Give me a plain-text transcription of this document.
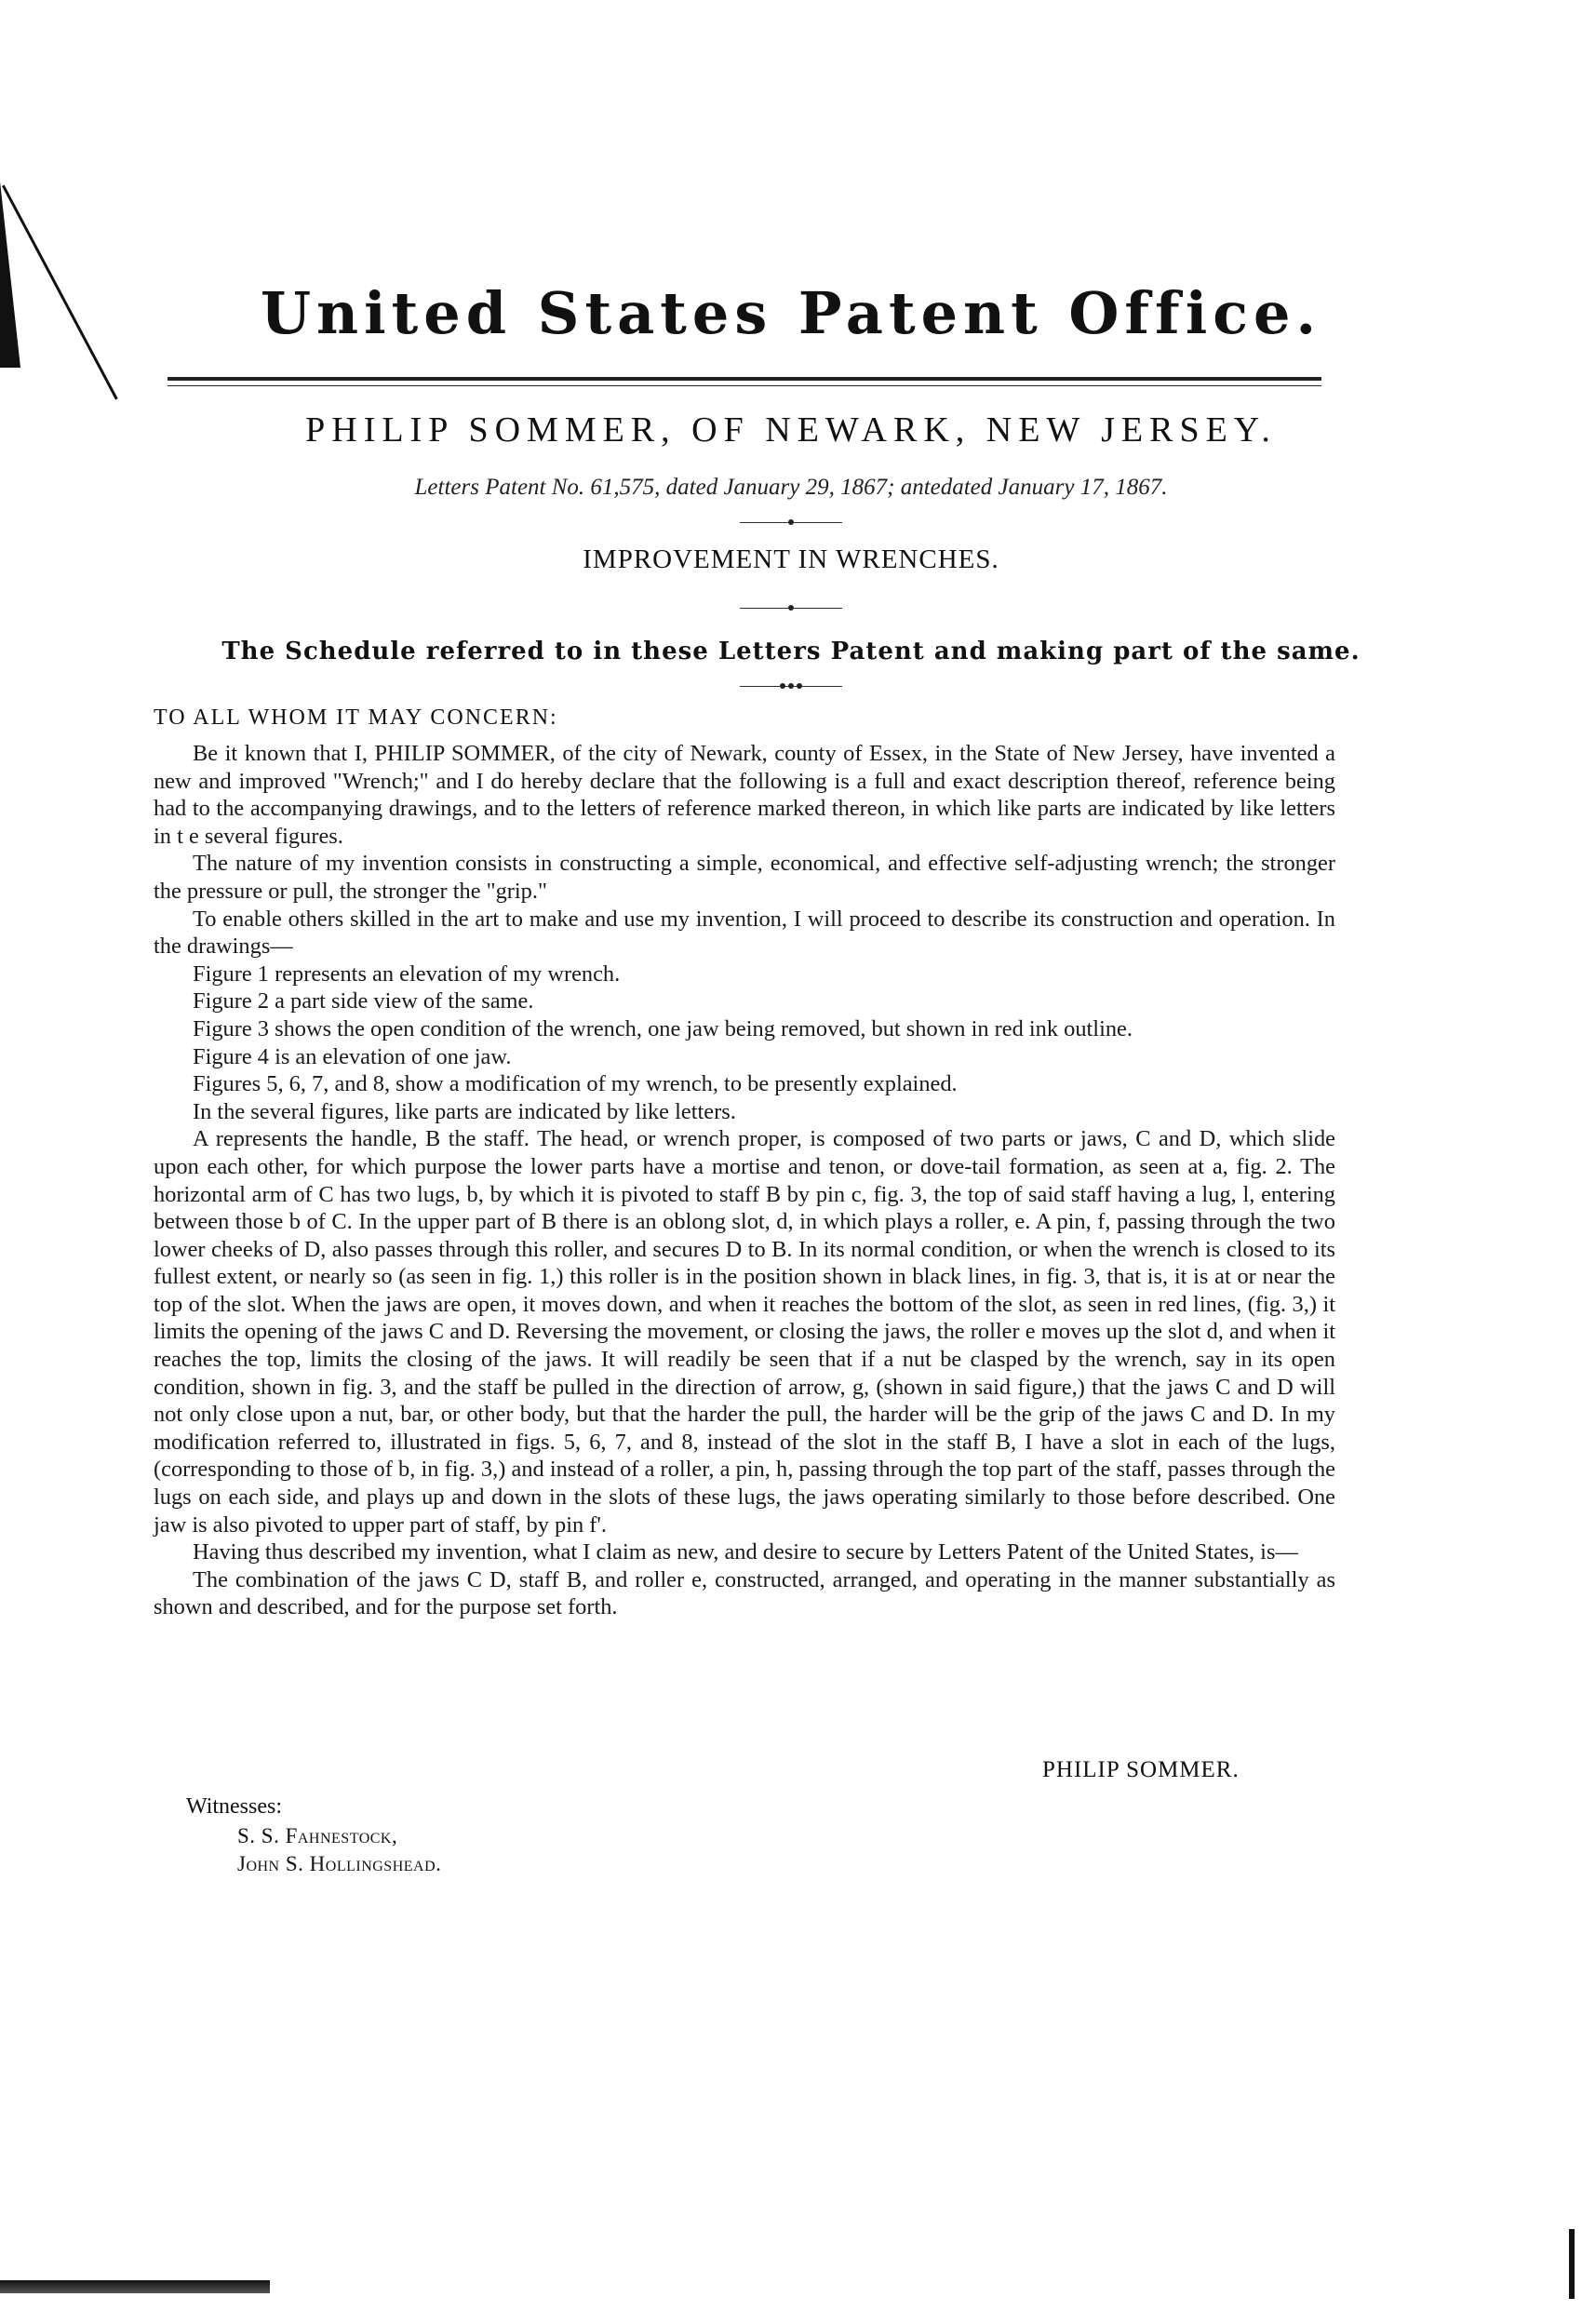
United States Patent Office.
PHILIP SOMMER, OF NEWARK, NEW JERSEY.
Letters Patent No. 61,575, dated January 29, 1867; antedated January 17, 1867.
IMPROVEMENT IN WRENCHES.
The Schedule referred to in these Letters Patent and making part of the same.
TO ALL WHOM IT MAY CONCERN:

Be it known that I, PHILIP SOMMER, of the city of Newark, county of Essex, in the State of New Jersey, have invented a new and improved "Wrench;" and I do hereby declare that the following is a full and exact description thereof, reference being had to the accompanying drawings, and to the letters of reference marked thereon, in which like parts are indicated by like letters in t e several figures.

The nature of my invention consists in constructing a simple, economical, and effective self-adjusting wrench; the stronger the pressure or pull, the stronger the "grip."

To enable others skilled in the art to make and use my invention, I will proceed to describe its construction and operation. In the drawings—

Figure 1 represents an elevation of my wrench.

Figure 2 a part side view of the same.

Figure 3 shows the open condition of the wrench, one jaw being removed, but shown in red ink outline.

Figure 4 is an elevation of one jaw.

Figures 5, 6, 7, and 8, show a modification of my wrench, to be presently explained.

In the several figures, like parts are indicated by like letters.

A represents the handle, B the staff. The head, or wrench proper, is composed of two parts or jaws, C and D, which slide upon each other, for which purpose the lower parts have a mortise and tenon, or dove-tail formation, as seen at a, fig. 2. The horizontal arm of C has two lugs, b, by which it is pivoted to staff B by pin c, fig. 3, the top of said staff having a lug, l, entering between those b of C. In the upper part of B there is an oblong slot, d, in which plays a roller, e. A pin, f, passing through the two lower cheeks of D, also passes through this roller, and secures D to B. In its normal condition, or when the wrench is closed to its fullest extent, or nearly so (as seen in fig. 1,) this roller is in the position shown in black lines, in fig. 3, that is, it is at or near the top of the slot. When the jaws are open, it moves down, and when it reaches the bottom of the slot, as seen in red lines, (fig. 3,) it limits the opening of the jaws C and D. Reversing the movement, or closing the jaws, the roller e moves up the slot d, and when it reaches the top, limits the closing of the jaws. It will readily be seen that if a nut be clasped by the wrench, say in its open condition, shown in fig. 3, and the staff be pulled in the direction of arrow, g, (shown in said figure,) that the jaws C and D will not only close upon a nut, bar, or other body, but that the harder the pull, the harder will be the grip of the jaws C and D. In my modification referred to, illustrated in figs. 5, 6, 7, and 8, instead of the slot in the staff B, I have a slot in each of the lugs, (corresponding to those of b, in fig. 3,) and instead of a roller, a pin, h, passing through the top part of the staff, passes through the lugs on each side, and plays up and down in the slots of these lugs, the jaws operating similarly to those before described. One jaw is also pivoted to upper part of staff, by pin f'.

Having thus described my invention, what I claim as new, and desire to secure by Letters Patent of the United States, is—

The combination of the jaws C D, staff B, and roller e, constructed, arranged, and operating in the manner substantially as shown and described, and for the purpose set forth.

PHILIP SOMMER.
Witnesses:
S. S. Fahnestock,
John S. Hollingshead.
